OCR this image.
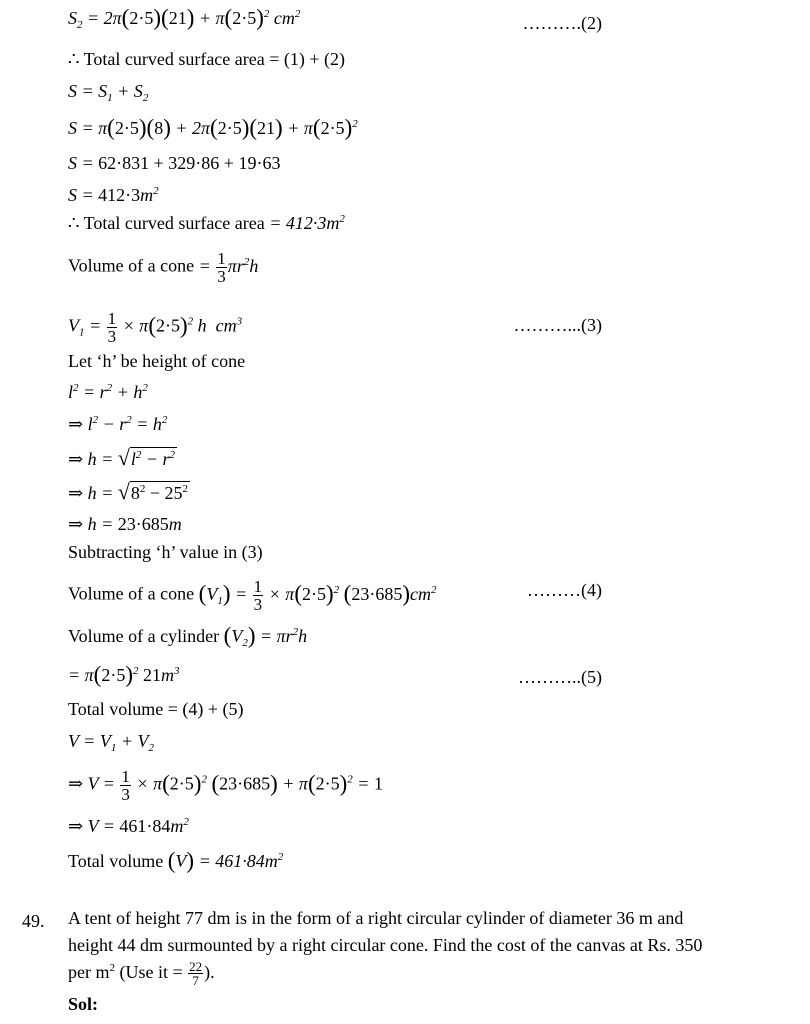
$S_2 = 2\pi(2\cdot 5)(21) + \pi(2\cdot 5)^2$ $cm^2$	……….(2)
∴ Total curved surface area = (1) + (2)
$S = S_1 + S_2$
$S = \pi(2\cdot 5)(8) + 2\pi(2\cdot 5)(21) + \pi(2\cdot 5)^2$
S = 62·831 + 329·86 + 19·63
$S = 412\cdot 3m^2$
∴ Total curved surface area = $412\cdot 3m^2$
Volume of a cone = $\frac{1}{3} \pi r^2h$
$V_1 = \frac{1}{3} \times \pi(2\cdot 5)^2$ h  $cm^3$	………...(3)
Let ‘h’ be height of cone
$l^2 = r^2 + h^2$
⇒ $l^2 - r^2 = h^2$
⇒ $h = √l^2 - r^2$
⇒ $h = √8^2 - 25^2$
⇒ h = 23·685m
Subtracting ‘h’ value in (3)
Volume of a cone $(V_1) = \frac{1}{3} \times \pi(2\cdot 5)^2$ $(23\cdot 685)cm^2$	………(4)
Volume of a cylinder $(V_2) = \pi r^2h$
= $\pi(2\cdot 5)^2$ $21m^3$	………..(5)
Total volume = (4) + (5)
$V = V_1 + V_2$
⇒ $V = \frac{1}{3} \times \pi(2\cdot 5)^2$ $(23\cdot 685) + \pi(2\cdot 5)^2 = 1$
⇒ $V = 461\cdot 84m^2$
Total volume $(V) = 461\cdot 84m^2$
49. A tent of height 77 dm is in the form of a right circular cylinder of diameter 36 m and
height 44 dm surmounted by a right circular cone. Find the cost of the canvas at Rs. 350
per $m^2$ (Use it = $\frac{22}{7}$ ).
Sol:
